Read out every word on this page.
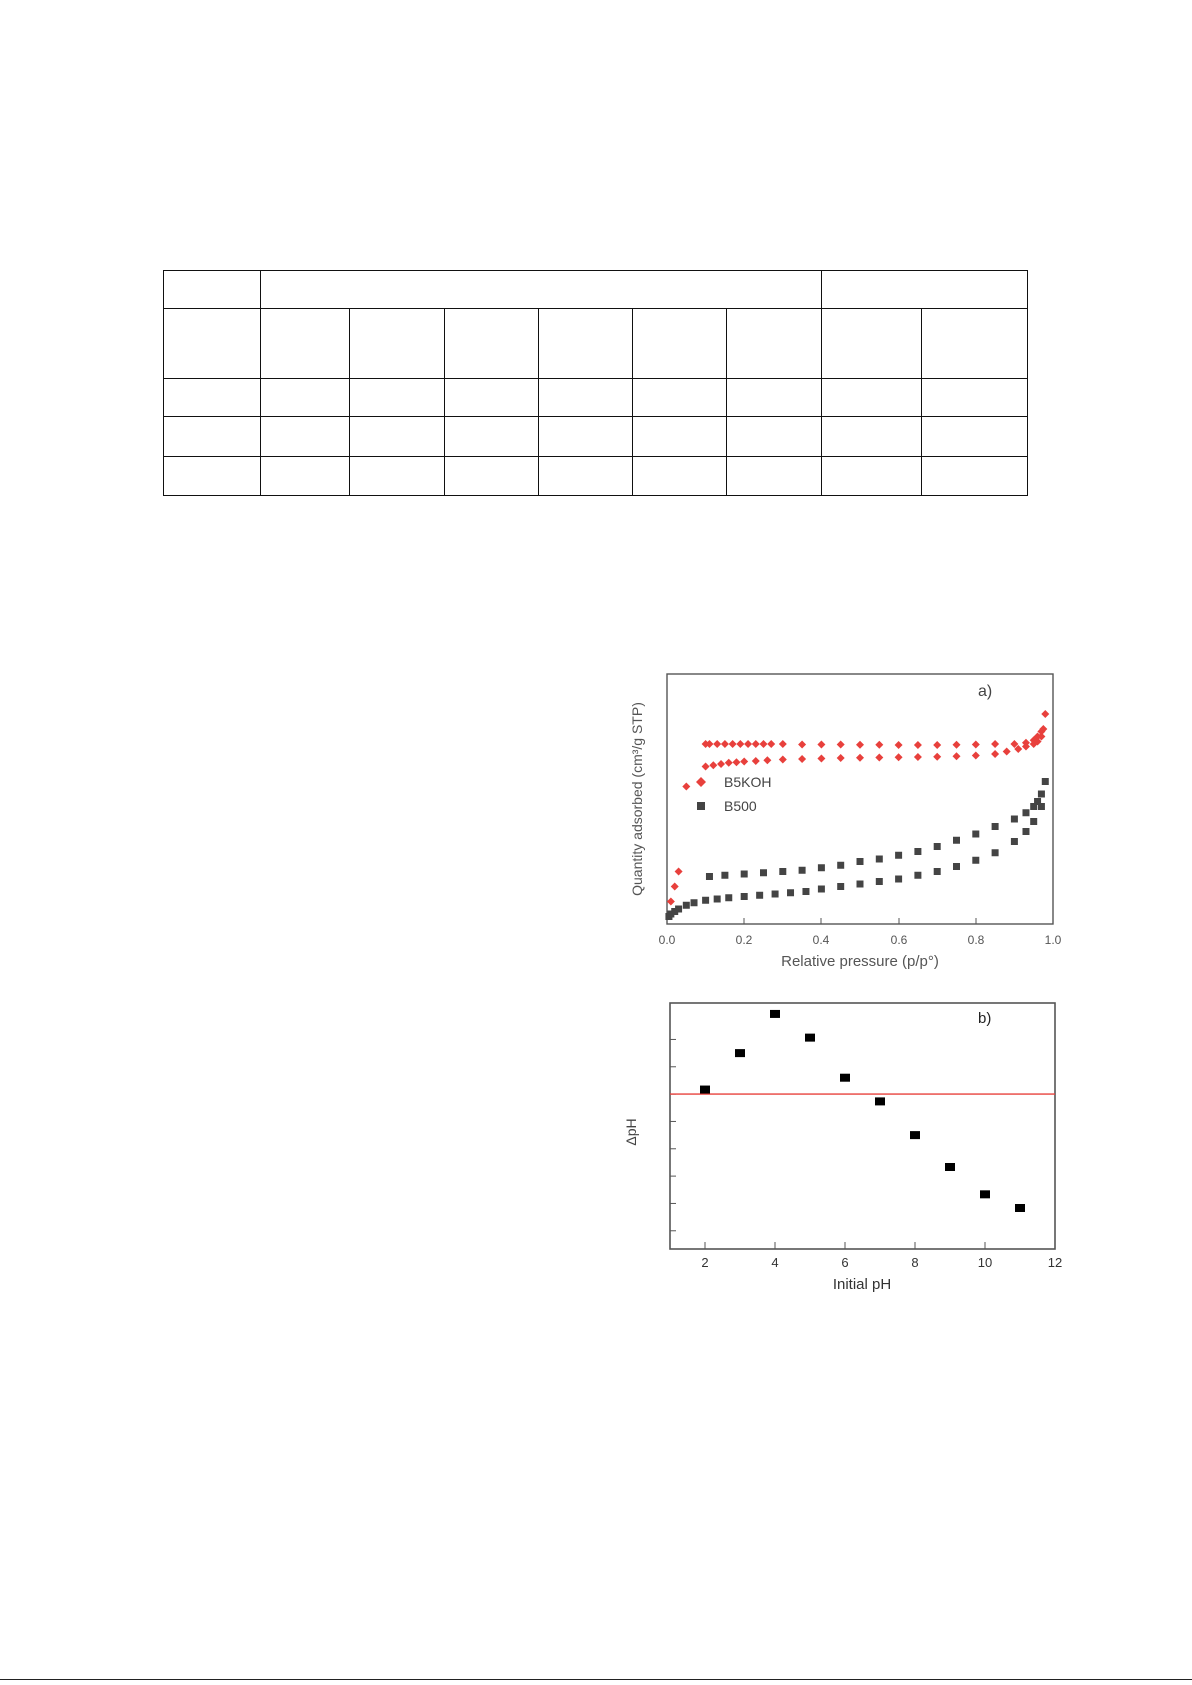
0.0	0.2	0.4	0.6	0.8	1.0
Relative pressure (p/p°)
Quantity adsorbed (cm³/g STP)
a)
B5KOH
B500
2	4	6	8	10	12
Initial pH
ΔpH
b)
